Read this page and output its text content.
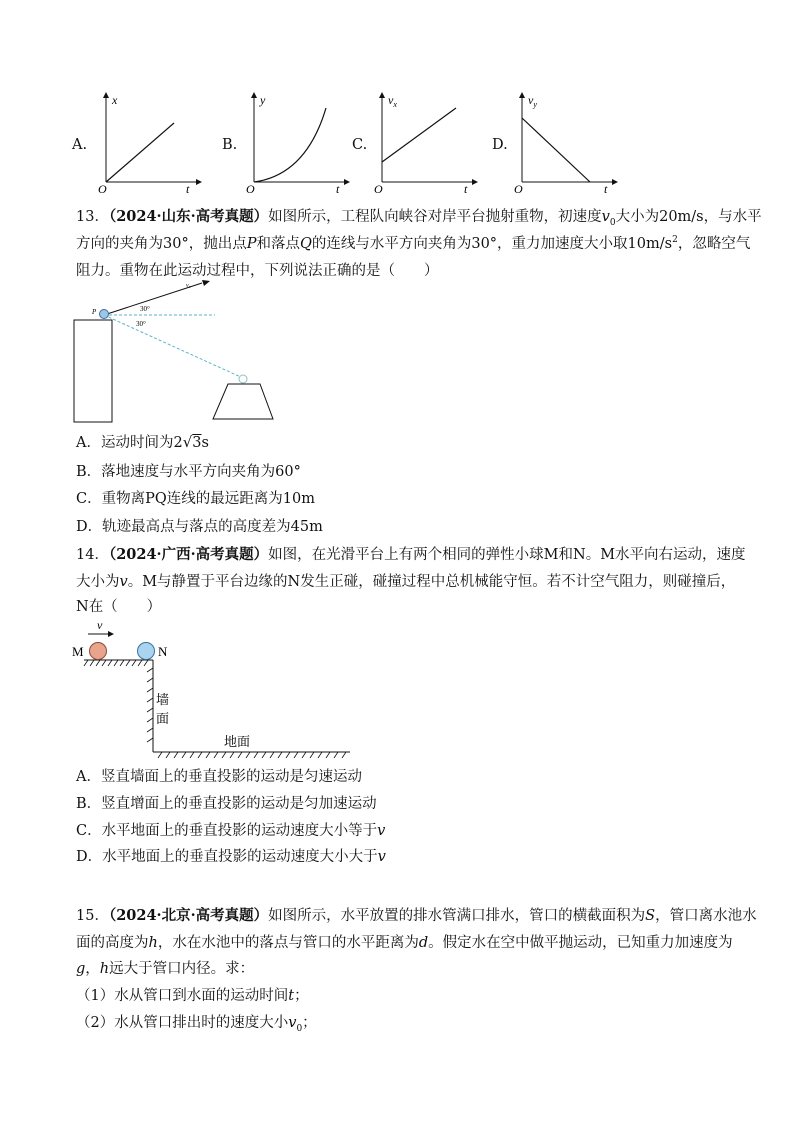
A.
x
O	t
B.
y
O	t
C.
$v_x$
O	t
D.
$v_y$
O	t
13．（2024·山东·高考真题）如图所示，工程队向峡谷对岸平台抛射重物，初速度$v_0$大小为20m/s，与水平
方向的夹角为30°，抛出点P和落点Q的连线与水平方向夹角为30°，重力加速度大小取$10m/s^2$，忽略空气
阻力。重物在此运动过程中，下列说法正确的是（　　）
v₀
30°
30°
P
A．运动时间为2√3s
B．落地速度与水平方向夹角为60°
C．重物离PQ连线的最远距离为10m
D．轨迹最高点与落点的高度差为45m
14．（2024·广西·高考真题）如图，在光滑平台上有两个相同的弹性小球M和N。M水平向右运动，速度
大小为v。M与静置于平台边缘的N发生正碰，碰撞过程中总机械能守恒。若不计空气阻力，则碰撞后，
N在（　　）
v
M	N
墙
面
地面
A．竖直墙面上的垂直投影的运动是匀速运动
B．竖直增面上的垂直投影的运动是匀加速运动
C．水平地面上的垂直投影的运动速度大小等于v
D．水平地面上的垂直投影的运动速度大小大于v
15．（2024·北京·高考真题）如图所示，水平放置的排水管满口排水，管口的横截面积为S，管口离水池水
面的高度为h，水在水池中的落点与管口的水平距离为d。假定水在空中做平抛运动，已知重力加速度为
g，h远大于管口内径。求：
（1）水从管口到水面的运动时间t；
（2）水从管口排出时的速度大小$v_0$；
